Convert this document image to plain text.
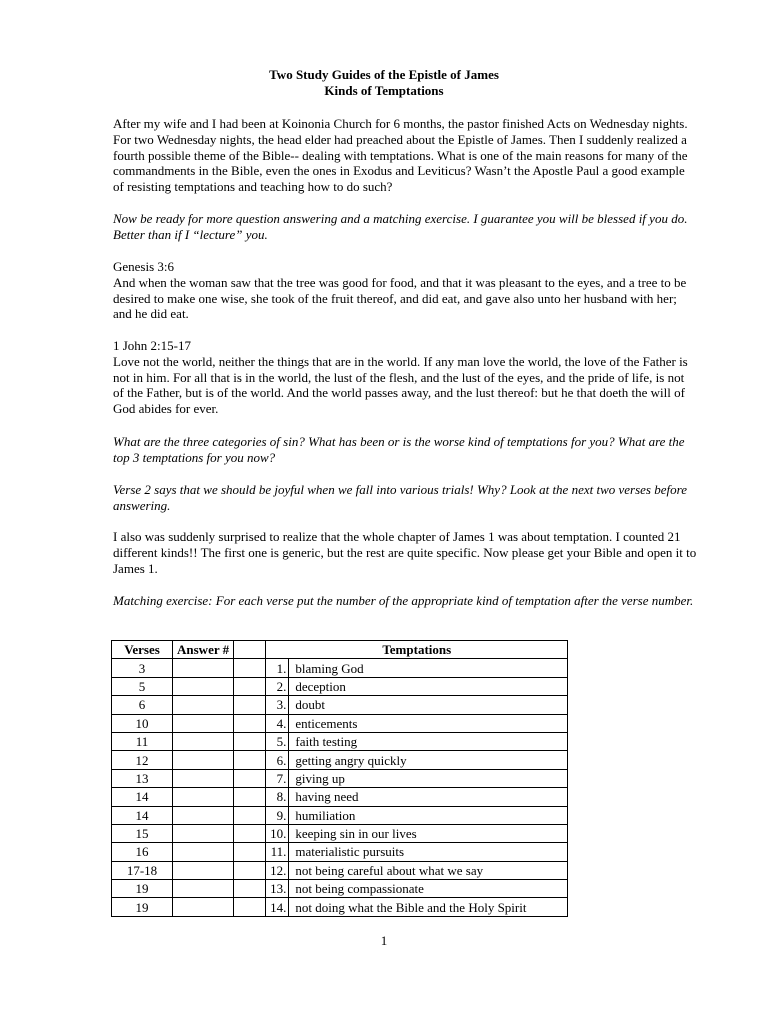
Two Study Guides of the Epistle of James
Kinds of Temptations

After my wife and I had been at Koinonia Church for 6 months, the pastor finished Acts on Wednesday nights. For two Wednesday nights, the head elder had preached about the Epistle of James. Then I suddenly realized a fourth possible theme of the Bible-- dealing with temptations. What is one of the main reasons for many of the commandments in the Bible, even the ones in Exodus and Leviticus? Wasn’t the Apostle Paul a good example of resisting temptations and teaching how to do such?

Now be ready for more question answering and a matching exercise. I guarantee you will be blessed if you do. Better than if I “lecture” you.

Genesis 3:6
And when the woman saw that the tree was good for food, and that it was pleasant to the eyes, and a tree to be desired to make one wise, she took of the fruit thereof, and did eat, and gave also unto her husband with her; and he did eat.
1 John 2:15-17
Love not the world, neither the things that are in the world. If any man love the world, the love of the Father is not in him. For all that is in the world, the lust of the flesh, and the lust of the eyes, and the pride of life, is not of the Father, but is of the world. And the world passes away, and the lust thereof: but he that doeth the will of God abides for ever.

What are the three categories of sin? What has been or is the worse kind of temptations for you? What are the top 3 temptations for you now?

Verse 2 says that we should be joyful when we fall into various trials! Why? Look at the next two verses before answering.

I also was suddenly surprised to realize that the whole chapter of James 1 was about temptation. I counted 21 different kinds!! The first one is generic, but the rest are quite specific. Now please get your Bible and open it to James 1.

Matching exercise: For each verse put the number of the appropriate kind of temptation after the verse number.

Verses	Answer #		Temptations	
3			1.	blaming God
5			2.	deception
6			3.	doubt
10			4.	enticements
11			5.	faith testing
12			6.	getting angry quickly
13			7.	giving up
14			8.	having need
14			9.	humiliation
15			10.	keeping sin in our lives
16			11.	materialistic pursuits
17-18			12.	not being careful about what we say
19			13.	not being compassionate
19			14.	not doing what the Bible and the Holy Spirit
1
